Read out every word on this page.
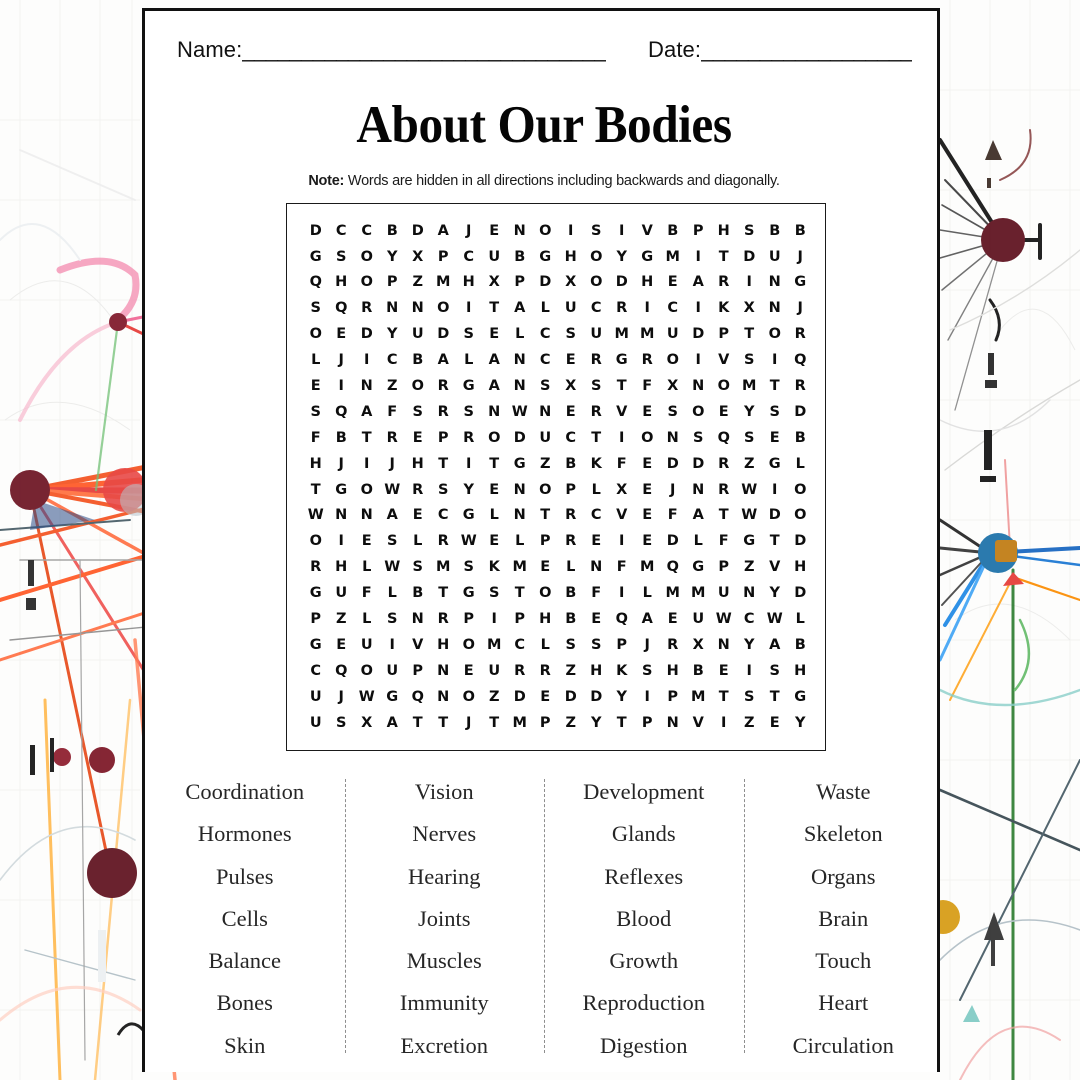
Name: _______________________________ Date: __________________
About Our Bodies
Note: Words are hidden in all directions including backwards and diagonally.
D C	C	B D A	J	E N O	I	S	I	V B	P H S	B B
G S O Y	X	P	C U B G H O Y G M	I	T	D U	J
Q H O P	Z M H X	P D X O D H E	A R	I	N G
S Q R N N O	I	T	A	L	U C	R	I	C	I	K X N	J
O E	D Y U D S	E	L	C	S U M M U D P	T O R
L	J	I	C	B A	L	A N C	E	R G R O	I	V	S	I	Q
E	I	N Z O R G A N S	X	S	T	F	X N O M T	R
S Q A	F	S	R	S N W N E	R V	E	S O E	Y	S D
F	B	T	R	E	P	R O D U C	T	I	O N S Q S	E	B
H	J	I	J	H T	I	T	G Z	B K	F	E	D D R	Z G	L
T	G O W R	S	Y	E N O P	L	X	E	J	N R W	I	O
W N N A	E	C G	L	N T	R	C	V	E	F	A	T W D O
O	I	E	S	L	R W E	L	P	R	E	I	E	D	L	F	G	T	D
R H	L W S M S	K M E	L	N F M Q G P	Z	V H
G U	F	L	B	T	G S	T O B	F	I	L M M U N Y D
P	Z	L	S N R	P	I	P H B	E Q A	E	U W C W L
G	E	U	I	V H O M C	L	S	S	P	J	R X N Y	A B
C Q O U P N E	U R R	Z H K	S H B	E	I	S H
U	J	W G Q N O Z D	E	D D Y	I	P M T	S	T	G
U S	X A	T	T	J	T M P	Z	Y	T	P N V	I	Z	E	Y
Coordination
Hormones
Pulses
Cells
Balance
Bones
Skin
Vision
Nerves
Hearing
Joints
Muscles
Immunity
Excretion
Development
Glands
Reflexes
Blood
Growth
Reproduction
Digestion
Waste
Skeleton
Organs
Brain
Touch
Heart
Circulation
